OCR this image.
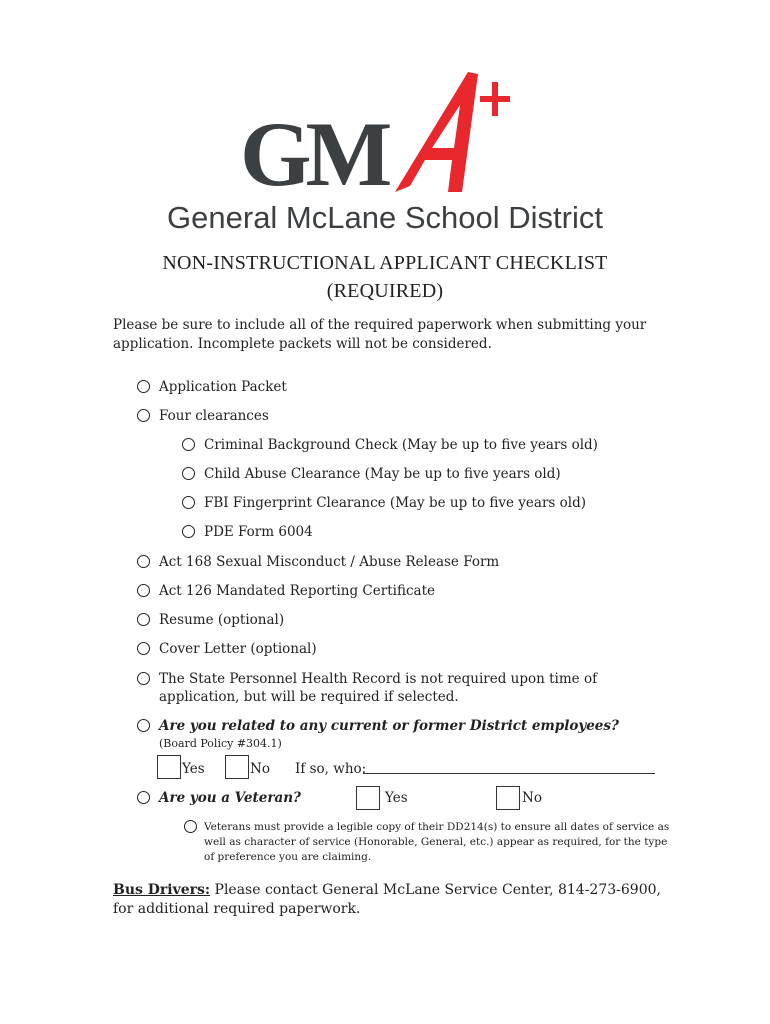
GM
General McLane School District
NON-INSTRUCTIONAL APPLICANT CHECKLIST
(REQUIRED)
Please be sure to include all of the required paperwork when submitting your application. Incomplete packets will not be considered.
Application Packet
Four clearances
Criminal Background Check (May be up to five years old)
Child Abuse Clearance (May be up to five years old)
FBI Fingerprint Clearance (May be up to five years old)
PDE Form 6004
Act 168 Sexual Misconduct / Abuse Release Form
Act 126 Mandated Reporting Certificate
Resume (optional)
Cover Letter (optional)
The State Personnel Health Record is not required upon time of application, but will be required if selected.
Are you related to any current or former District employees?
(Board Policy #304.1)
Yes	No If so, who:
Are you a Veteran?	Yes	No
Veterans must provide a legible copy of their DD214(s) to ensure all dates of service as well as character of service (Honorable, General, etc.) appear as required, for the type of preference you are claiming.
Bus Drivers: Please contact General McLane Service Center, 814-273-6900, for additional required paperwork.
